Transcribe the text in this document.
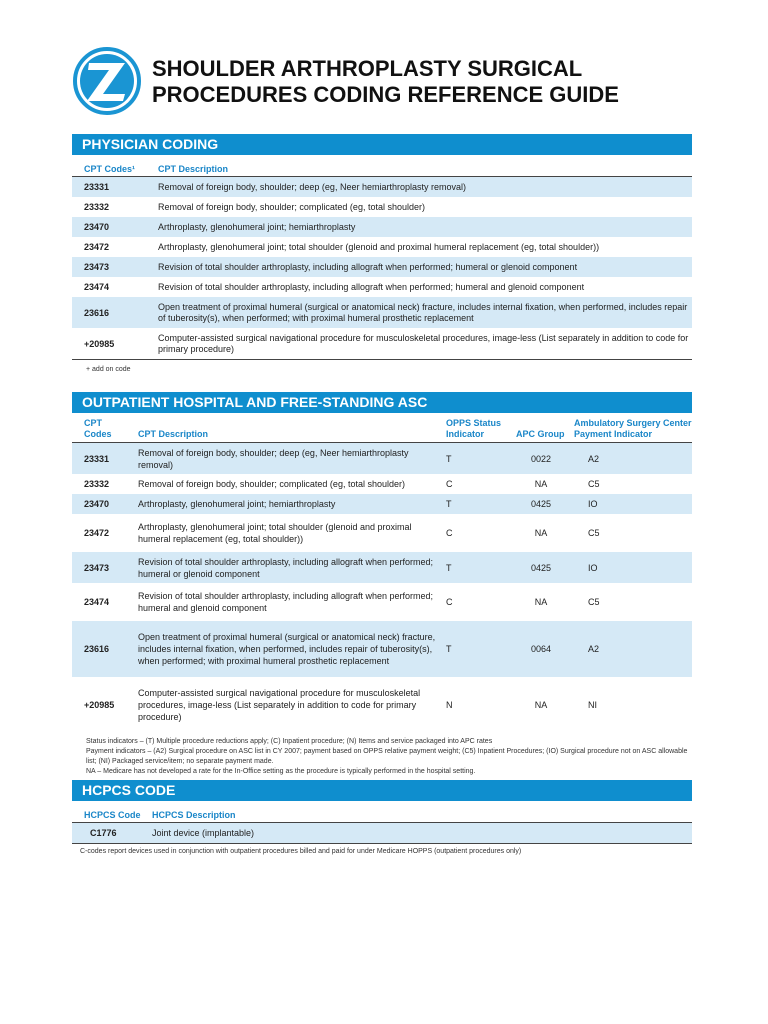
SHOULDER ARTHROPLASTY SURGICAL
PROCEDURES CODING REFERENCE GUIDE
PHYSICIAN CODING
CPT Codes¹	CPT Description
23331	Removal of foreign body, shoulder; deep (eg, Neer hemiarthroplasty removal)
23332	Removal of foreign body, shoulder; complicated (eg, total shoulder)
23470	Arthroplasty, glenohumeral joint; hemiarthroplasty
23472	Arthroplasty, glenohumeral joint; total shoulder (glenoid and proximal humeral replacement (eg, total shoulder))
23473	Revision of total shoulder arthroplasty, including allograft when performed; humeral or glenoid component
23474	Revision of total shoulder arthroplasty, including allograft when performed; humeral and glenoid component
23616	Open treatment of proximal humeral (surgical or anatomical neck) fracture, includes internal fixation, when performed, includes repair of tuberosity(s), when performed; with proximal humeral prosthetic replacement
+20985	Computer-assisted surgical navigational procedure for musculoskeletal procedures, image-less (List separately in addition to code for primary procedure)
+ add on code
OUTPATIENT HOSPITAL AND FREE-STANDING ASC
CPT Codes	CPT Description	OPPS Status Indicator	APC Group	Ambulatory Surgery Center Payment Indicator
23331	Removal of foreign body, shoulder; deep (eg, Neer hemiarthroplasty removal)	T	0022	A2
23332	Removal of foreign body, shoulder; complicated (eg, total shoulder)	C	NA	C5
23470	Arthroplasty, glenohumeral joint; hemiarthroplasty	T	0425	IO
23472	Arthroplasty, glenohumeral joint; total shoulder (glenoid and proximal humeral replacement (eg, total shoulder))	C	NA	C5
23473	Revision of total shoulder arthroplasty, including allograft when performed; humeral or glenoid component	T	0425	IO
23474	Revision of total shoulder arthroplasty, including allograft when performed; humeral and glenoid component	C	NA	C5
23616	Open treatment of proximal humeral (surgical or anatomical neck) fracture, includes internal fixation, when performed, includes repair of tuberosity(s), when performed; with proximal humeral prosthetic replacement	T	0064	A2
+20985	Computer-assisted surgical navigational procedure for musculoskeletal procedures, image-less (List separately in addition to code for primary procedure)	N	NA	NI

Status indicators – (T) Multiple procedure reductions apply; (C) Inpatient procedure; (N) Items and service packaged into APC rates

Payment indicators – (A2) Surgical procedure on ASC list in CY 2007; payment based on OPPS relative payment weight; (C5) Inpatient Procedures; (IO) Surgical procedure not on ASC allowable list; (NI) Packaged service/item; no separate payment made.

NA – Medicare has not developed a rate for the In-Office setting as the procedure is typically performed in the hospital setting.

HCPCS CODE
HCPCS Code	HCPCS Description
C1776	Joint device (implantable)
C-codes report devices used in conjunction with outpatient procedures billed and paid for under Medicare HOPPS (outpatient procedures only)
